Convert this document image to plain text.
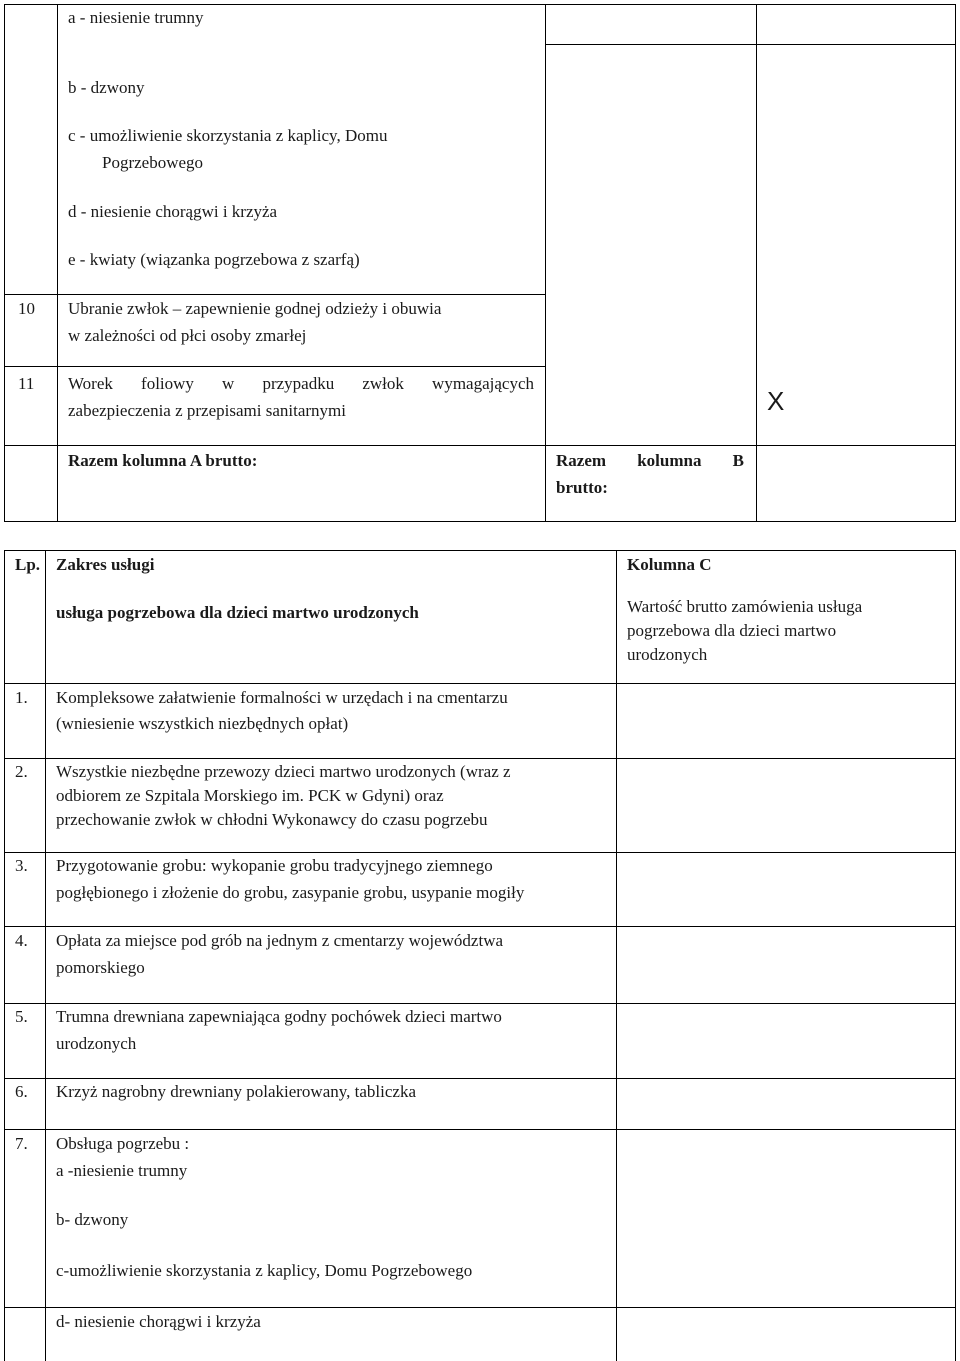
a - niesienie trumny
b - dzwony
c - umożliwienie skorzystania z kaplicy, Domu
Pogrzebowego
d - niesienie chorągwi i krzyża
e - kwiaty (wiązanka pogrzebowa z szarfą)
10 Ubranie zwłok – zapewnienie godnej odzieży i obuwia
w zależności od płci osoby zmarłej
11 Worek foliowy w przypadku zwłok wymagających
zabezpieczenia z przepisami sanitarnymi	X
Razem kolumna A brutto:	Razem kolumna B
brutto:
Lp. Zakres usługi
usługa pogrzebowa dla dzieci martwo urodzonych
Kolumna C
Wartość brutto zamówienia usługa
pogrzebowa dla dzieci martwo
urodzonych
1. Kompleksowe załatwienie formalności w urzędach i na cmentarzu
(wniesienie wszystkich niezbędnych opłat)
2. Wszystkie niezbędne przewozy dzieci martwo urodzonych (wraz z
odbiorem ze Szpitala Morskiego im. PCK w Gdyni) oraz
przechowanie zwłok w chłodni Wykonawcy do czasu pogrzebu
3. Przygotowanie grobu: wykopanie grobu tradycyjnego ziemnego
pogłębionego i złożenie do grobu, zasypanie grobu, usypanie mogiły
4. Opłata za miejsce pod grób na jednym z cmentarzy województwa
pomorskiego
5. Trumna drewniana zapewniająca godny pochówek dzieci martwo
urodzonych
6. Krzyż nagrobny drewniany polakierowany, tabliczka
7. Obsługa pogrzebu :
a -niesienie trumny
b- dzwony
c-umożliwienie skorzystania z kaplicy, Domu Pogrzebowego
d- niesienie chorągwi i krzyża
